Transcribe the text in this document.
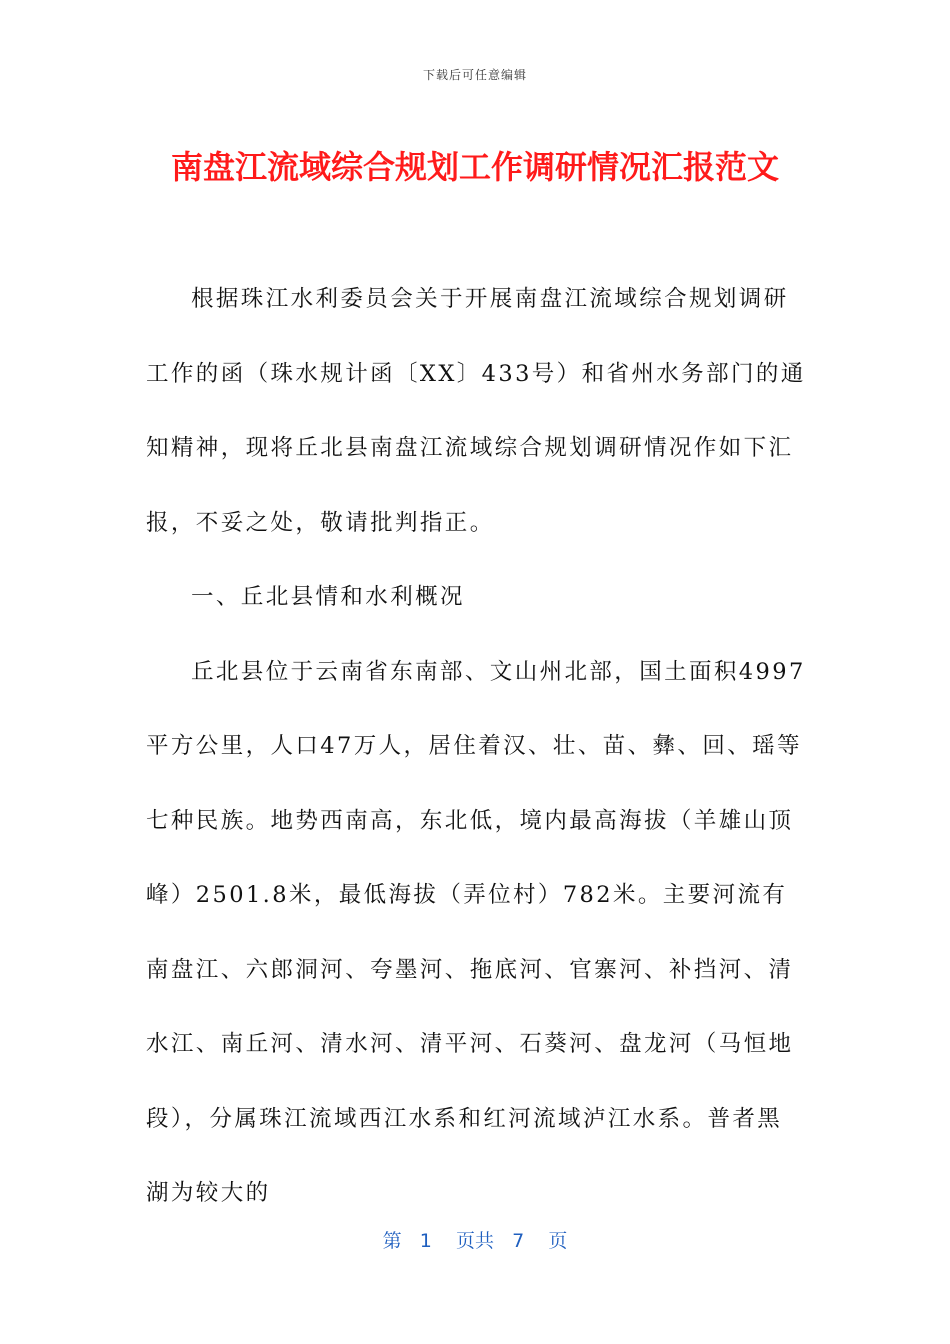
下载后可任意编辑
南盘江流域综合规划工作调研情况汇报范文

根据珠江水利委员会关于开展南盘江流域综合规划调研工作的函（珠水规计函〔XX〕433号）和省州水务部门的通知精神，现将丘北县南盘江流域综合规划调研情况作如下汇报，不妥之处，敬请批判指正。

一、丘北县情和水利概况

丘北县位于云南省东南部、文山州北部，国土面积4997平方公里，人口47万人，居住着汉、壮、苗、彝、回、瑶等七种民族。地势西南高，东北低，境内最高海拔（羊雄山顶峰）2501.8米，最低海拔（弄位村）782米。主要河流有南盘江、六郎洞河、夸墨河、拖底河、官寨河、补挡河、清水江、南丘河、清水河、清平河、石葵河、盘龙河（马恒地段），分属珠江流域西江水系和红河流域泸江水系。普者黑湖为较大的

第 1 页共 7 页
